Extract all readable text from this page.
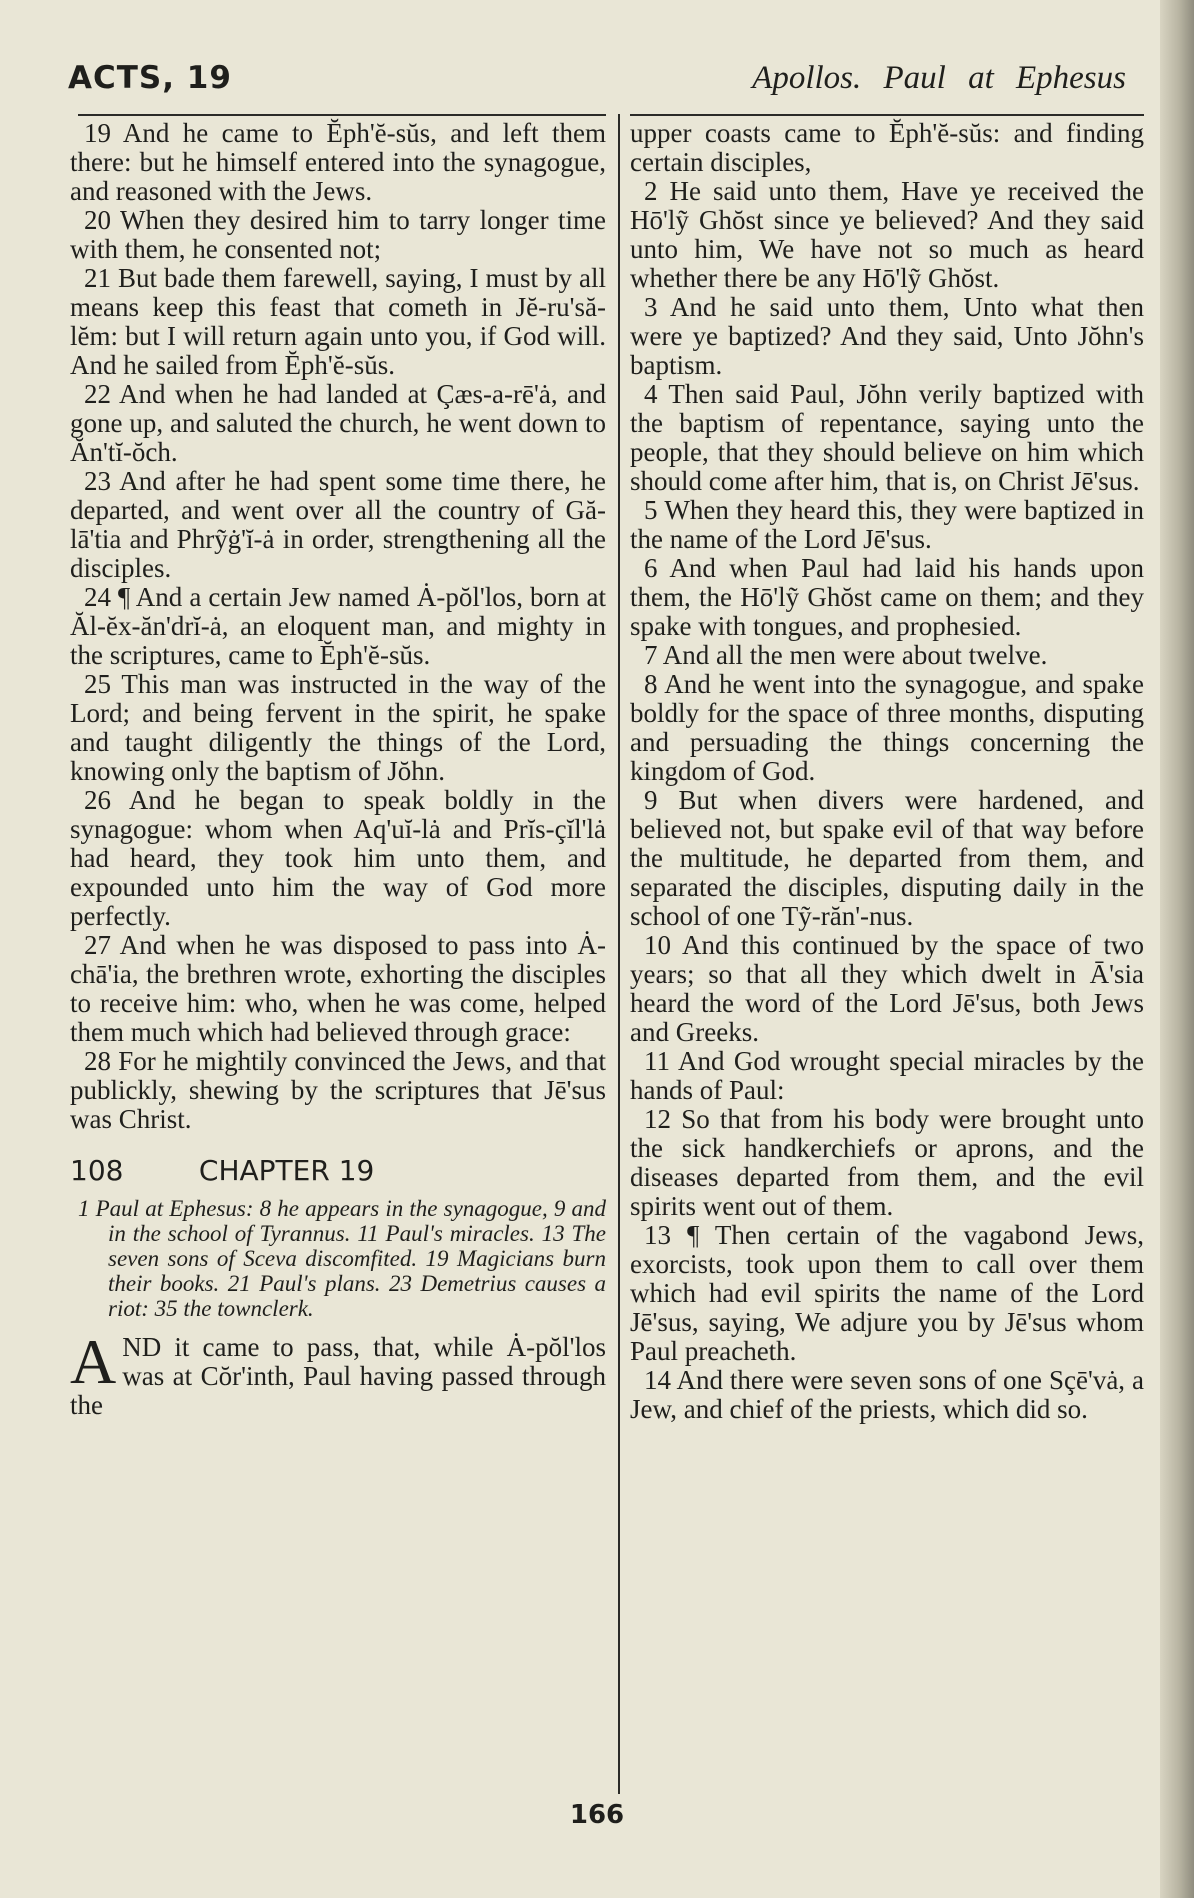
ACTS, 19	Apollos. Paul at Ephesus

19 And he came to Ĕph'ĕ-sŭs, and left them there: but he himself entered into the synagogue, and reasoned with the Jews.

20 When they desired him to tarry longer time with them, he consented not;

21 But bade them farewell, saying, I must by all means keep this feast that cometh in Jĕ-ru'să-lĕm: but I will return again unto you, if God will. And he sailed from Ĕph'ĕ-sŭs.

22 And when he had landed at Çæs-a-rē'ȧ, and gone up, and saluted the church, he went down to Ăn'tĭ-ŏch.

23 And after he had spent some time there, he departed, and went over all the country of Gă-lā'tia and Phrỹġ'ĭ-ȧ in order, strengthening all the disciples.

24 ¶ And a certain Jew named Ȧ-pŏl'los, born at Ăl-ĕx-ăn'drĭ-ȧ, an eloquent man, and mighty in the scriptures, came to Ĕph'ĕ-sŭs.

25 This man was instructed in the way of the Lord; and being fervent in the spirit, he spake and taught diligently the things of the Lord, knowing only the baptism of Jŏhn.

26 And he began to speak boldly in the synagogue: whom when Aq'uĭ-lȧ and Prĭs-çĭl'lȧ had heard, they took him unto them, and expounded unto him the way of God more perfectly.

27 And when he was disposed to pass into Ȧ-chā'ia, the brethren wrote, exhorting the disciples to receive him: who, when he was come, helped them much which had believed through grace:

28 For he mightily convinced the Jews, and that publickly, shewing by the scriptures that Jē'sus was Christ.

108	CHAPTER 19

1 Paul at Ephesus: 8 he appears in the synagogue, 9 and in the school of Tyrannus. 11 Paul's miracles. 13 The seven sons of Sceva discomfited. 19 Magicians burn their books. 21 Paul's plans. 23 Demetrius causes a riot: 35 the townclerk.

A ND it came to pass, that, while Ȧ-pŏl'los was at Cŏr'inth, Paul having passed through the

upper coasts came to Ĕph'ĕ-sŭs: and finding certain disciples,

2 He said unto them, Have ye received the Hō'lỹ Ghŏst since ye believed? And they said unto him, We have not so much as heard whether there be any Hō'lỹ Ghŏst.

3 And he said unto them, Unto what then were ye baptized? And they said, Unto Jŏhn's baptism.

4 Then said Paul, Jŏhn verily baptized with the baptism of repentance, saying unto the people, that they should believe on him which should come after him, that is, on Christ Jē'sus.

5 When they heard this, they were baptized in the name of the Lord Jē'sus.

6 And when Paul had laid his hands upon them, the Hō'lỹ Ghŏst came on them; and they spake with tongues, and prophesied.

7 And all the men were about twelve.

8 And he went into the synagogue, and spake boldly for the space of three months, disputing and persuading the things concerning the kingdom of God.

9 But when divers were hardened, and believed not, but spake evil of that way before the multitude, he departed from them, and separated the disciples, disputing daily in the school of one Tỹ-răn'-nus.

10 And this continued by the space of two years; so that all they which dwelt in Ā'sia heard the word of the Lord Jē'sus, both Jews and Greeks.

11 And God wrought special miracles by the hands of Paul:

12 So that from his body were brought unto the sick handkerchiefs or aprons, and the diseases departed from them, and the evil spirits went out of them.

13 ¶ Then certain of the vagabond Jews, exorcists, took upon them to call over them which had evil spirits the name of the Lord Jē'sus, saying, We adjure you by Jē'sus whom Paul preacheth.

14 And there were seven sons of one Sçē'vȧ, a Jew, and chief of the priests, which did so.

166
